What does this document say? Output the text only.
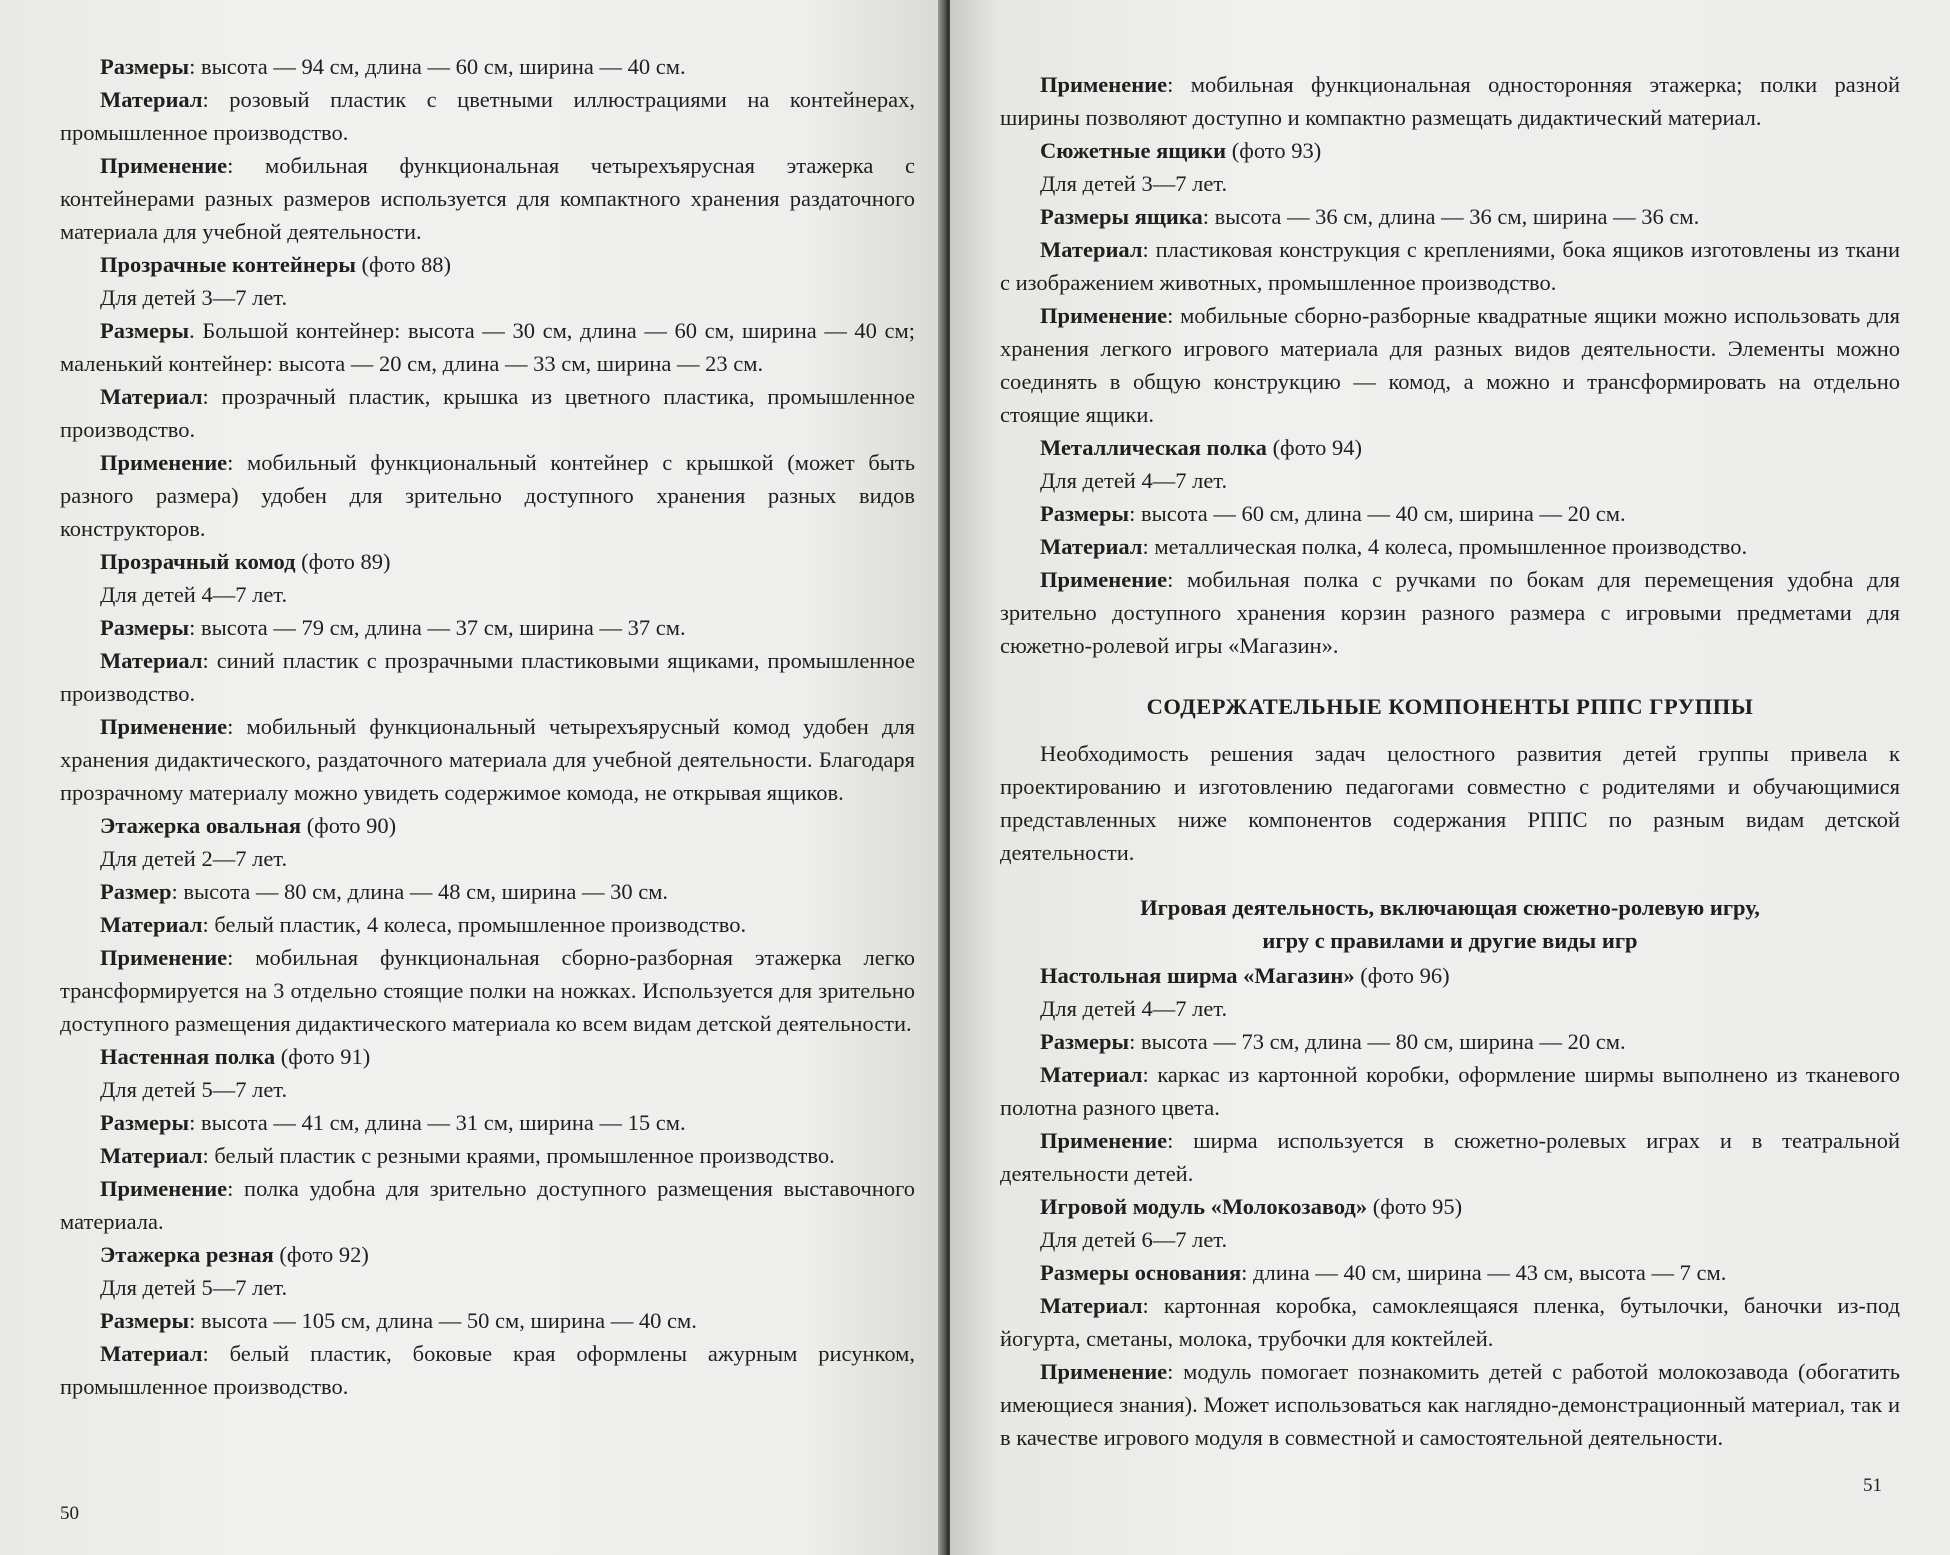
Размеры: высота — 94 см, длина — 60 см, ширина — 40 см.

Материал: розовый пластик с цветными иллюстрациями на контейнерах, промышленное производство.

Применение: мобильная функциональная четырехъярусная этажерка с контейнерами разных размеров используется для компактного хранения раздаточного материала для учебной деятельности.

Прозрачные контейнеры (фото 88)

Для детей 3—7 лет.

Размеры. Большой контейнер: высота — 30 см, длина — 60 см, ширина — 40 см; маленький контейнер: высота — 20 см, длина — 33 см, ширина — 23 см.

Материал: прозрачный пластик, крышка из цветного пластика, промышленное производство.

Применение: мобильный функциональный контейнер с крышкой (может быть разного размера) удобен для зрительно доступного хранения разных видов конструкторов.

Прозрачный комод (фото 89)

Для детей 4—7 лет.

Размеры: высота — 79 см, длина — 37 см, ширина — 37 см.

Материал: синий пластик с прозрачными пластиковыми ящиками, промышленное производство.

Применение: мобильный функциональный четырехъярусный комод удобен для хранения дидактического, раздаточного материала для учебной деятельности. Благодаря прозрачному материалу можно увидеть содержимое комода, не открывая ящиков.

Этажерка овальная (фото 90)

Для детей 2—7 лет.

Размер: высота — 80 см, длина — 48 см, ширина — 30 см.

Материал: белый пластик, 4 колеса, промышленное производство.

Применение: мобильная функциональная сборно-разборная этажерка легко трансформируется на 3 отдельно стоящие полки на ножках. Используется для зрительно доступного размещения дидактического материала ко всем видам детской деятельности.

Настенная полка (фото 91)

Для детей 5—7 лет.

Размеры: высота — 41 см, длина — 31 см, ширина — 15 см.

Материал: белый пластик с резными краями, промышленное производство.

Применение: полка удобна для зрительно доступного размещения выставочного материала.

Этажерка резная (фото 92)

Для детей 5—7 лет.

Размеры: высота — 105 см, длина — 50 см, ширина — 40 см.

Материал: белый пластик, боковые края оформлены ажурным рисунком, промышленное производство.

50

Применение: мобильная функциональная односторонняя этажерка; полки разной ширины позволяют доступно и компактно размещать дидактический материал.

Сюжетные ящики (фото 93)

Для детей 3—7 лет.

Размеры ящика: высота — 36 см, длина — 36 см, ширина — 36 см.

Материал: пластиковая конструкция с креплениями, бока ящиков изготовлены из ткани с изображением животных, промышленное производство.

Применение: мобильные сборно-разборные квадратные ящики можно использовать для хранения легкого игрового материала для разных видов деятельности. Элементы можно соединять в общую конструкцию — комод, а можно и трансформировать на отдельно стоящие ящики.

Металлическая полка (фото 94)

Для детей 4—7 лет.

Размеры: высота — 60 см, длина — 40 см, ширина — 20 см.

Материал: металлическая полка, 4 колеса, промышленное производство.

Применение: мобильная полка с ручками по бокам для перемещения удобна для зрительно доступного хранения корзин разного размера с игровыми предметами для сюжетно-ролевой игры «Магазин».

СОДЕРЖАТЕЛЬНЫЕ КОМПОНЕНТЫ РППС ГРУППЫ

Необходимость решения задач целостного развития детей группы привела к проектированию и изготовлению педагогами совместно с родителями и обучающимися представленных ниже компонентов содержания РППС по разным видам детской деятельности.

Игровая деятельность, включающая сюжетно-ролевую игру,
игру с правилами и другие виды игр

Настольная ширма «Магазин» (фото 96)

Для детей 4—7 лет.

Размеры: высота — 73 см, длина — 80 см, ширина — 20 см.

Материал: каркас из картонной коробки, оформление ширмы выполнено из тканевого полотна разного цвета.

Применение: ширма используется в сюжетно-ролевых играх и в театральной деятельности детей.

Игровой модуль «Молокозавод» (фото 95)

Для детей 6—7 лет.

Размеры основания: длина — 40 см, ширина — 43 см, высота — 7 см.

Материал: картонная коробка, самоклеящаяся пленка, бутылочки, баночки из-под йогурта, сметаны, молока, трубочки для коктейлей.

Применение: модуль помогает познакомить детей с работой молокозавода (обогатить имеющиеся знания). Может использоваться как наглядно-демонстрационный материал, так и в качестве игрового модуля в совместной и самостоятельной деятельности.

51
